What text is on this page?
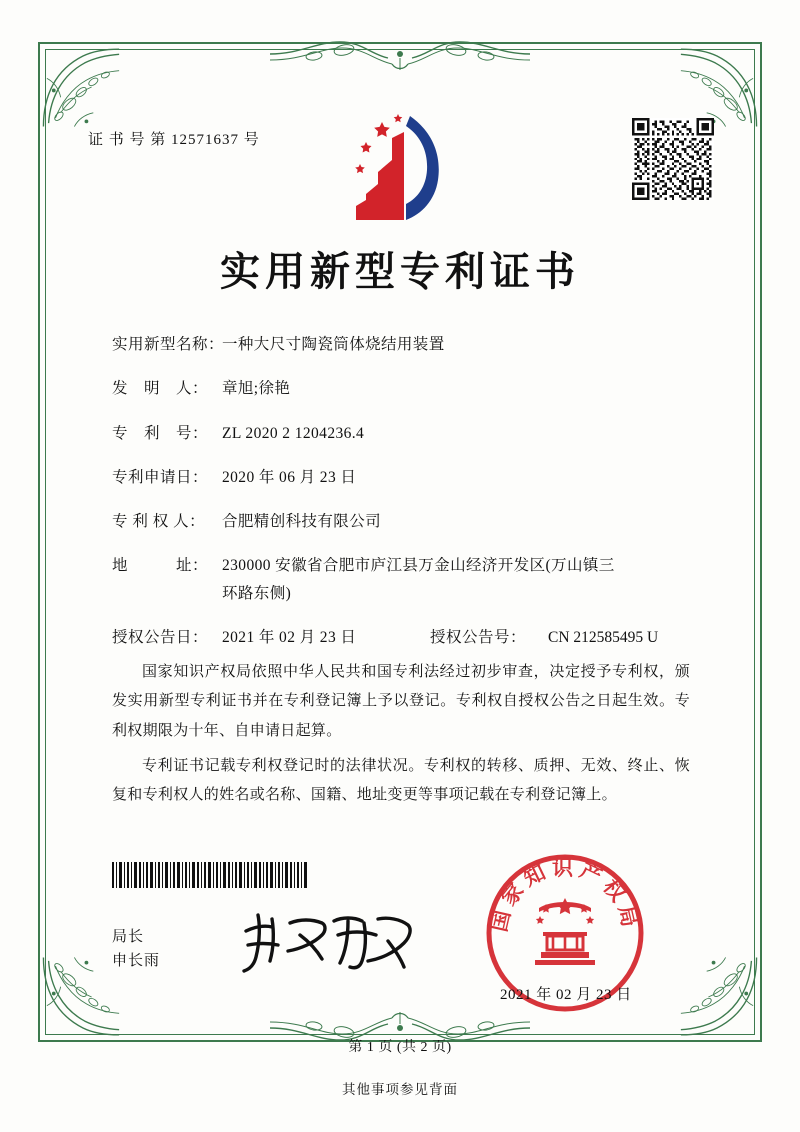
证 书 号 第 12571637 号
实用新型专利证书
实用新型名称：
一种大尺寸陶瓷筒体烧结用装置
发　明　人： 章旭;徐艳
专　利　号： ZL 2020 2 1204236.4
专利申请日： 2020 年 06 月 23 日
专 利 权 人：	合肥精创科技有限公司
地　　　址： 230000 安徽省合肥市庐江县万金山经济开发区(万山镇三
环路东侧)
授权公告日： 2021 年 02 月 23 日	授权公告号：	CN 212585495 U

国家知识产权局依照中华人民共和国专利法经过初步审查，决定授予专利权，颁发实用新型专利证书并在专利登记簿上予以登记。专利权自授权公告之日起生效。专利权期限为十年、自申请日起算。

专利证书记载专利权登记时的法律状况。专利权的转移、质押、无效、终止、恢复和专利权人的姓名或名称、国籍、地址变更等事项记载在专利登记簿上。

局长
申长雨
国家知识产权局
2021 年 02 月 23 日
第 1 页 (共 2 页)
其他事项参见背面
